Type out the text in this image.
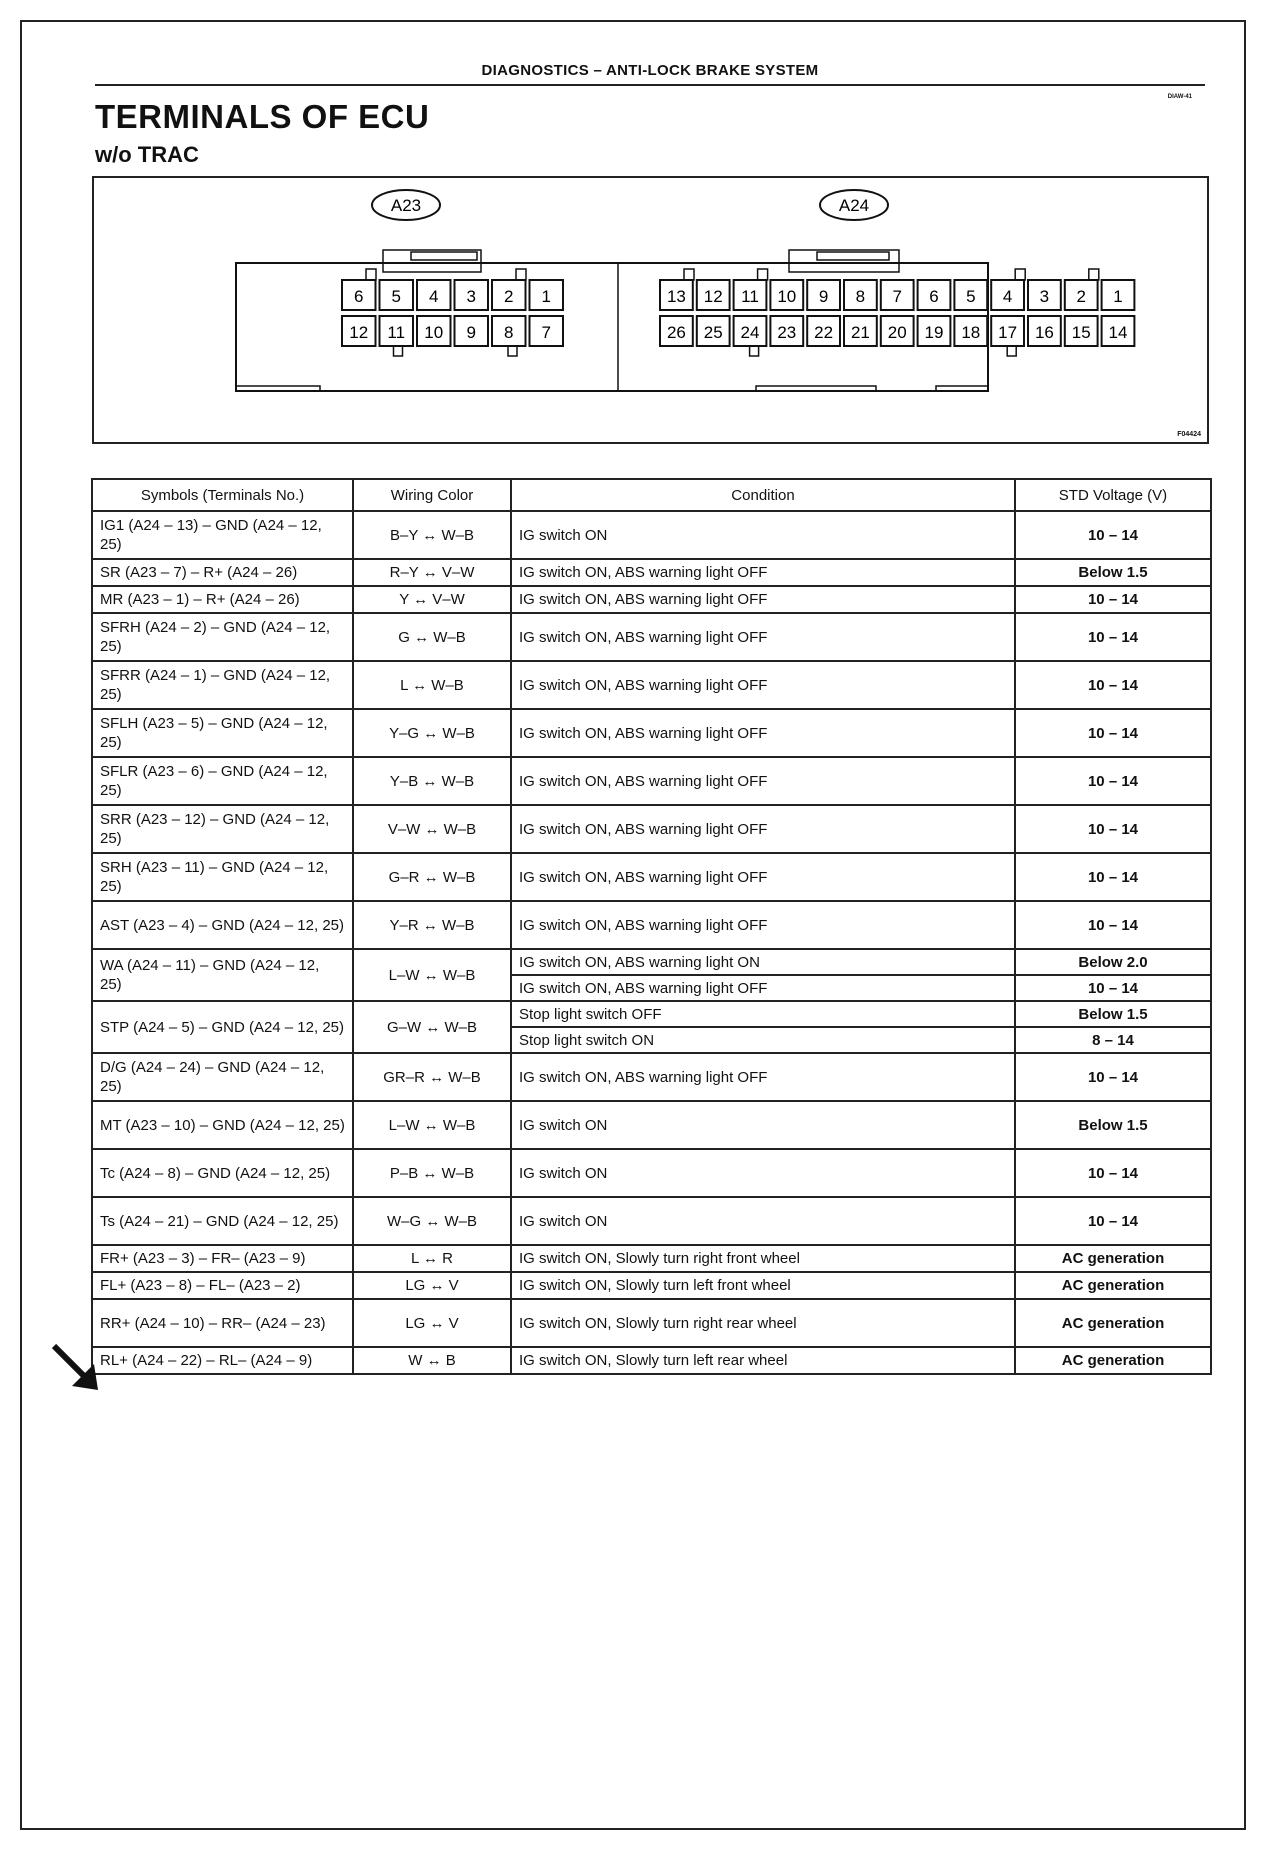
DIAGNOSTICS – ANTI-LOCK BRAKE SYSTEM
DIAW-41
TERMINALS OF ECU
w/o TRAC
A23
6
12
5
11
4
10
3
9
2
8
1
7
A24
13
26
12
25
11
24
10
23
9
22
8
21
7
20
6
19
5
18
4
17
3
16
2
15
1
14
F04424
Symbols (Terminals No.)	Wiring Color	Condition	STD Voltage (V)
IG1 (A24 – 13) – GND (A24 – 12, 25)	B–Y ↔ W–B	IG switch ON	10 – 14
SR (A23 – 7) – R+ (A24 – 26)	R–Y ↔ V–W	IG switch ON, ABS warning light OFF	Below 1.5
MR (A23 – 1) – R+ (A24 – 26)	Y ↔ V–W	IG switch ON, ABS warning light OFF	10 – 14
SFRH (A24 – 2) – GND (A24 – 12, 25)	G ↔ W–B	IG switch ON, ABS warning light OFF	10 – 14
SFRR (A24 – 1) – GND (A24 – 12, 25)	L ↔ W–B	IG switch ON, ABS warning light OFF	10 – 14
SFLH (A23 – 5) – GND (A24 – 12, 25)	Y–G ↔ W–B	IG switch ON, ABS warning light OFF	10 – 14
SFLR (A23 – 6) – GND (A24 – 12, 25)	Y–B ↔ W–B	IG switch ON, ABS warning light OFF	10 – 14
SRR (A23 – 12) – GND (A24 – 12, 25)	V–W ↔ W–B	IG switch ON, ABS warning light OFF	10 – 14
SRH (A23 – 11) – GND (A24 – 12, 25)	G–R ↔ W–B	IG switch ON, ABS warning light OFF	10 – 14
AST (A23 – 4) – GND (A24 – 12, 25)	Y–R ↔ W–B	IG switch ON, ABS warning light OFF	10 – 14
WA (A24 – 11) – GND (A24 – 12, 25)	L–W ↔ W–B	IG switch ON, ABS warning light ON	Below 2.0
		IG switch ON, ABS warning light OFF	10 – 14
STP (A24 – 5) – GND (A24 – 12, 25)	G–W ↔ W–B	Stop light switch OFF	Below 1.5
		Stop light switch ON	8 – 14
D/G (A24 – 24) – GND (A24 – 12, 25)	GR–R ↔ W–B	IG switch ON, ABS warning light OFF	10 – 14
MT (A23 – 10) – GND (A24 – 12, 25)	L–W ↔ W–B	IG switch ON	Below 1.5
Tc (A24 – 8) – GND (A24 – 12, 25)	P–B ↔ W–B	IG switch ON	10 – 14
Ts (A24 – 21) – GND (A24 – 12, 25)	W–G ↔ W–B	IG switch ON	10 – 14
FR+ (A23 – 3) – FR– (A23 – 9)	L ↔ R	IG switch ON, Slowly turn right front wheel	AC generation
FL+ (A23 – 8) – FL– (A23 – 2)	LG ↔ V	IG switch ON, Slowly turn left front wheel	AC generation
RR+ (A24 – 10) – RR– (A24 – 23)	LG ↔ V	IG switch ON, Slowly turn right rear wheel	AC generation
RL+ (A24 – 22) – RL– (A24 – 9)	W ↔ B	IG switch ON, Slowly turn left rear wheel	AC generation
